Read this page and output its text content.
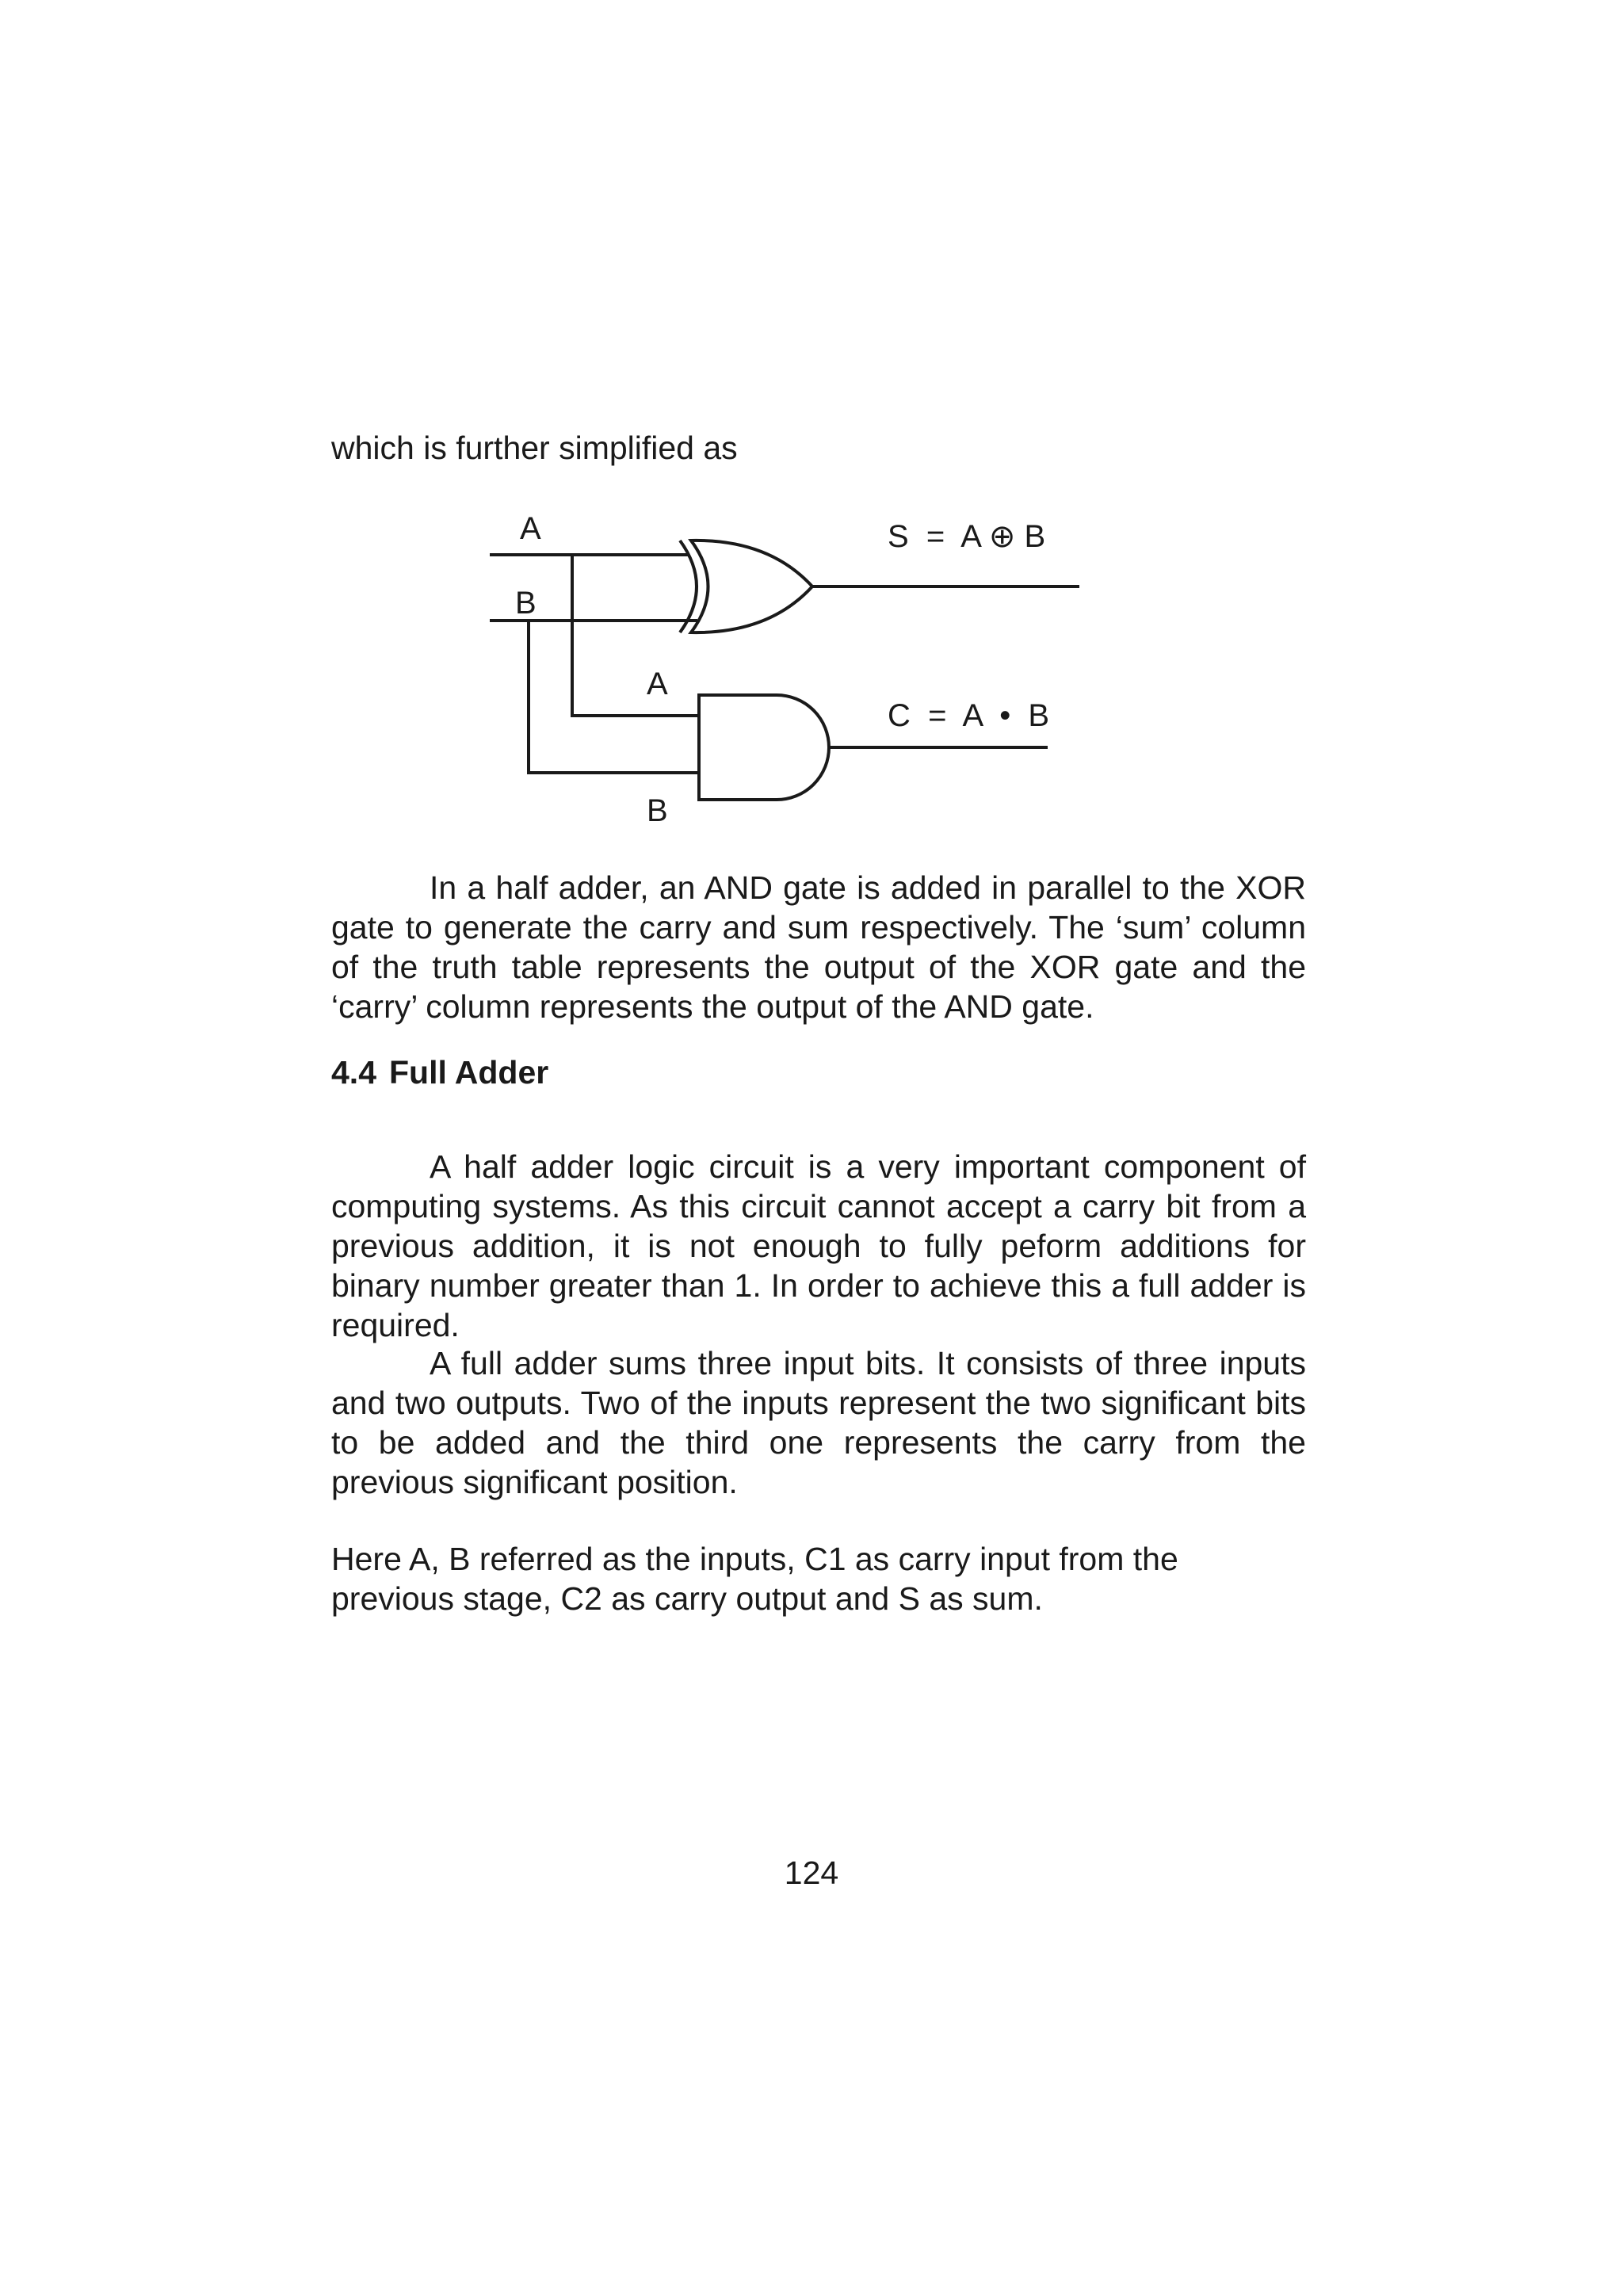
which is further simplified as

A
B
A
B
S  =  A ⊕ B
C  =  A  •  B

In a half adder, an AND gate is added in parallel to the XOR gate to generate the carry and sum respectively. The ‘sum’ column of the truth table represents the output of the XOR gate and the ‘carry’ column represents the output of the AND gate.

4.4 Full Adder

A half adder logic circuit is a very important component of computing systems. As this circuit cannot accept a carry bit from a previous addition, it is not enough to fully peform additions for binary number greater than 1. In order to achieve this a full adder is required.

A full adder sums three input bits. It consists of three inputs and two outputs. Two of the inputs represent the two significant bits to be added and the third one represents the carry from the previous significant position.

Here A, B referred as the inputs, C1 as carry input from the previous stage, C2 as carry output and S as sum.

124
